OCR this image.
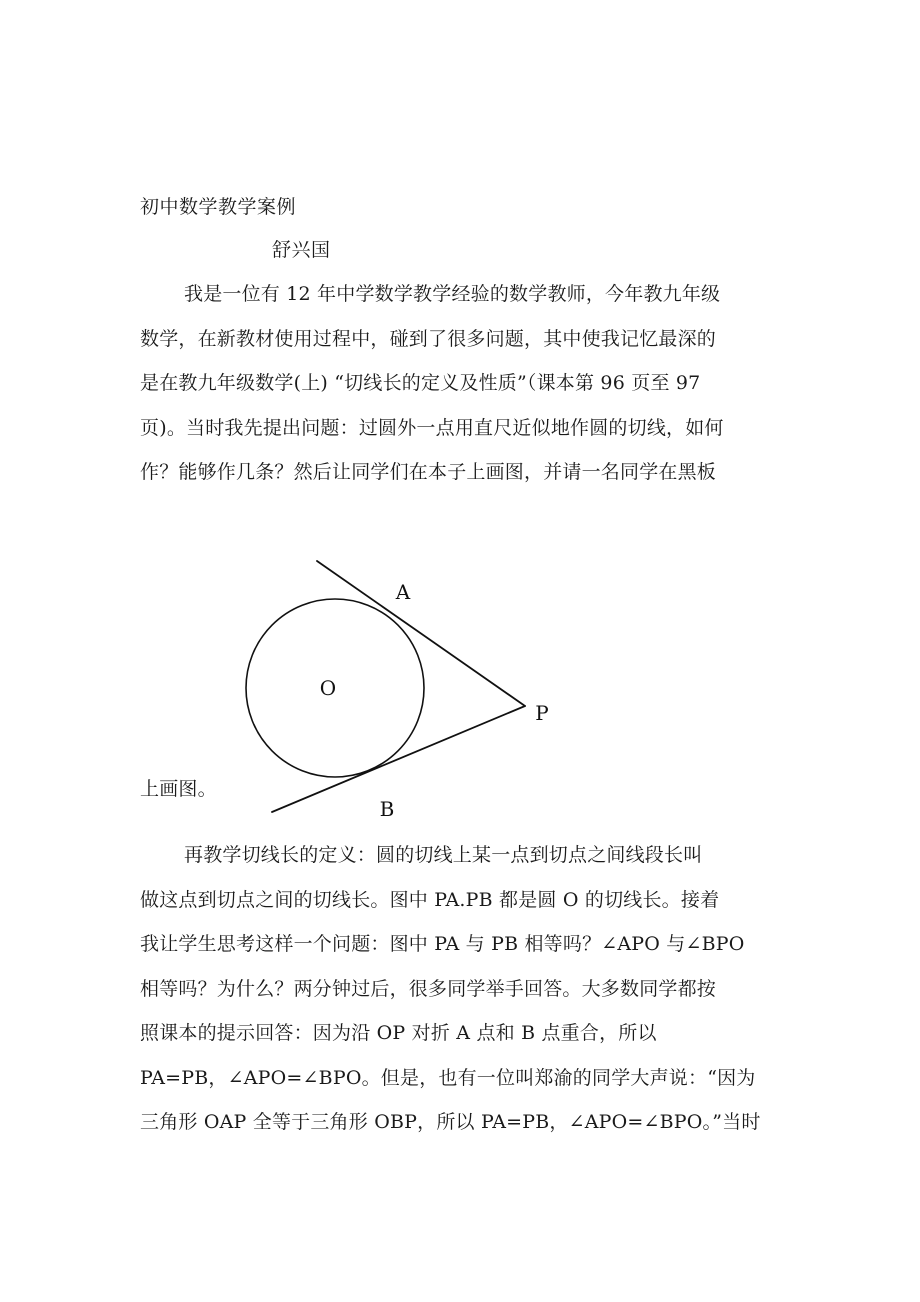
初中数学教学案例
舒兴国
我是一位有 12 年中学数学教学经验的数学教师，今年教九年级
数学，在新教材使用过程中，碰到了很多问题，其中使我记忆最深的
是在教九年级数学(上) “切线长的定义及性质”（课本第 96 页至 97
页)。当时我先提出问题：过圆外一点用直尺近似地作圆的切线，如何
作？能够作几条？然后让同学们在本子上画图，并请一名同学在黑板
上画图。
再教学切线长的定义：圆的切线上某一点到切点之间线段长叫
做这点到切点之间的切线长。图中 PA.PB 都是圆 O 的切线长。接着
我让学生思考这样一个问题：图中 PA 与 PB 相等吗？∠APO 与∠BPO
相等吗？为什么？两分钟过后，很多同学举手回答。大多数同学都按
照课本的提示回答：因为沿 OP 对折 A 点和 B 点重合，所以
PA=PB，∠APO=∠BPO。但是，也有一位叫郑渝的同学大声说：“因为
三角形 OAP 全等于三角形 OBP，所以 PA=PB，∠APO=∠BPO。”当时
O
A
B
P
